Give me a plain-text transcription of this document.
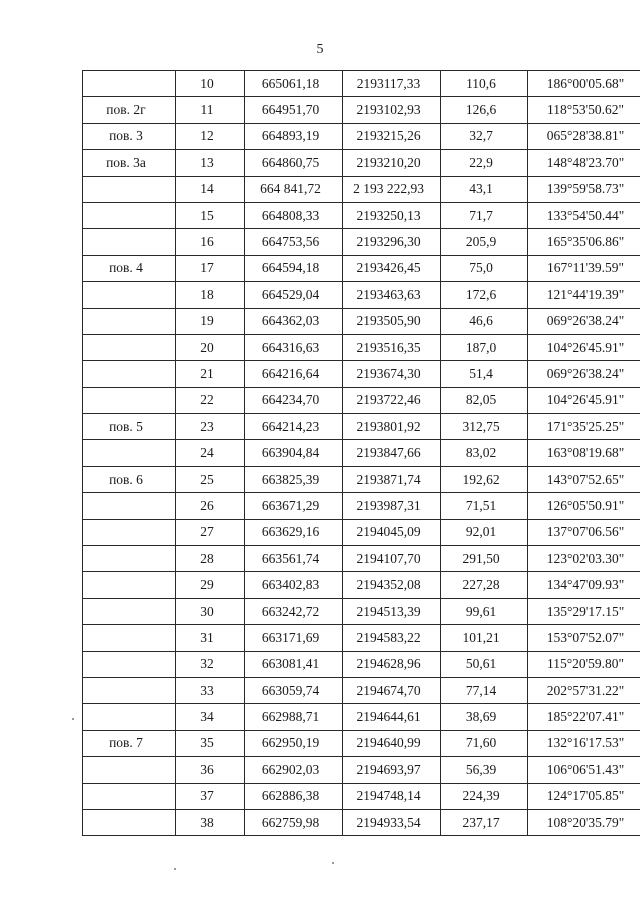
5
	10	665061,18	2193117,33	110,6	186°00'05.68"
пов. 2г	11	664951,70	2193102,93	126,6	118°53'50.62"
пов. 3	12	664893,19	2193215,26	32,7	065°28'38.81"
пов. 3а	13	664860,75	2193210,20	22,9	148°48'23.70"
	14	664 841,72	2 193 222,93	43,1	139°59'58.73"
	15	664808,33	2193250,13	71,7	133°54'50.44"
	16	664753,56	2193296,30	205,9	165°35'06.86"
пов. 4	17	664594,18	2193426,45	75,0	167°11'39.59"
	18	664529,04	2193463,63	172,6	121°44'19.39"
	19	664362,03	2193505,90	46,6	069°26'38.24"
	20	664316,63	2193516,35	187,0	104°26'45.91"
	21	664216,64	2193674,30	51,4	069°26'38.24"
	22	664234,70	2193722,46	82,05	104°26'45.91"
пов. 5	23	664214,23	2193801,92	312,75	171°35'25.25"
	24	663904,84	2193847,66	83,02	163°08'19.68"
пов. 6	25	663825,39	2193871,74	192,62	143°07'52.65"
	26	663671,29	2193987,31	71,51	126°05'50.91"
	27	663629,16	2194045,09	92,01	137°07'06.56"
	28	663561,74	2194107,70	291,50	123°02'03.30"
	29	663402,83	2194352,08	227,28	134°47'09.93"
	30	663242,72	2194513,39	99,61	135°29'17.15"
	31	663171,69	2194583,22	101,21	153°07'52.07"
	32	663081,41	2194628,96	50,61	115°20'59.80"
	33	663059,74	2194674,70	77,14	202°57'31.22"
	34	662988,71	2194644,61	38,69	185°22'07.41"
пов. 7	35	662950,19	2194640,99	71,60	132°16'17.53"
	36	662902,03	2194693,97	56,39	106°06'51.43"
	37	662886,38	2194748,14	224,39	124°17'05.85"
	38	662759,98	2194933,54	237,17	108°20'35.79"
